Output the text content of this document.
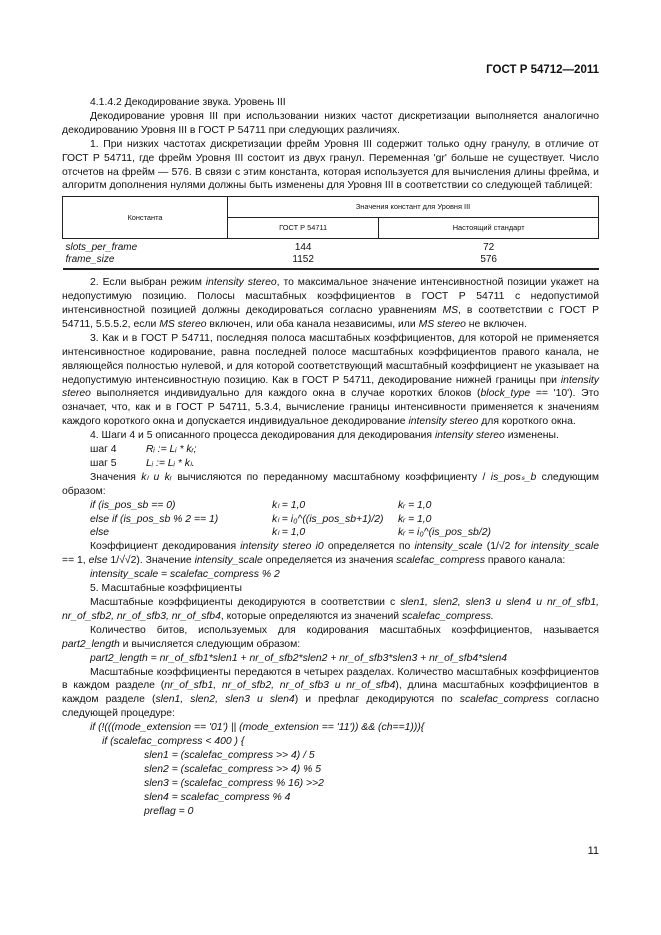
ГОСТ Р 54712—2011

4.1.4.2 Декодирование звука. Уровень III

Декодирование уровня III при использовании низких частот дискретизации выполняется аналогично декодированию Уровня III в ГОСТ Р 54711 при следующих различиях.

1. При низких частотах дискретизации фрейм Уровня III содержит только одну гранулу, в отличие от ГОСТ Р 54711, где фрейм Уровня III состоит из двух гранул. Переменная 'gr' больше не существует. Число отсчетов на фрейм — 576. В связи с этим константа, которая используется для вычисления длины фрейма, и алгоритм дополнения нулями должны быть изменены для Уровня III в соответствии со следующей таблицей:

Константа	Значения констант для Уровня III	
	ГОСТ Р 54711	Настоящий стандарт
slots_per_frame	144	72
frame_size	1152	576

2. Если выбран режим intensity stereo, то максимальное значение интенсивностной позиции укажет на недопустимую позицию. Полосы масштабных коэффициентов в ГОСТ Р 54711 с недопустимой интенсивностной позицией должны декодироваться согласно уравнениям MS, в соответствии с ГОСТ Р 54711, 5.5.5.2, если MS stereo включен, или оба канала независимы, или MS stereo не включен.

3. Как и в ГОСТ Р 54711, последняя полоса масштабных коэффициентов, для которой не применяется интенсивностное кодирование, равна последней полосе масштабных коэффициентов правого канала, не являющейся полностью нулевой, и для которой соответствующий масштабный коэффициент не указывает на недопустимую интенсивностную позицию. Как в ГОСТ Р 54711, декодирование нижней границы при intensity stereo выполняется индивидуально для каждого окна в случае коротких блоков (block_type == '10'). Это означает, что, как и в ГОСТ Р 54711, 5.3.4, вычисление границы интенсивности применяется к значениям каждого короткого окна и допускается индивидуальное декодирование intensity stereo для короткого окна.

4. Шаги 4 и 5 описанного процесса декодирования для декодирования intensity stereo изменены.

шаг 4	Rᵢ := Lᵢ * kᵣ;
шаг 5	Lᵢ := Lᵢ * kₗ.

Значения kₗ и kᵣ вычисляются по переданному масштабному коэффициенту / is_posₛ_b следующим образом:

if (is_pos_sb == 0)	kₗ = 1,0	kᵣ = 1,0
else if (is_pos_sb % 2 == 1)	kₗ = i₀^((is_pos_sb+1)/2)	kᵣ = 1,0
else	kₗ = 1,0	kᵣ = i₀^(is_pos_sb/2)

Коэффициент декодирования intensity stereo i0 определяется по intensity_scale (1/√2 for intensity_scale == 1, else 1/√√2). Значение intensity_scale определяется из значения scalefac_compress правого канала:

intensity_scale = scalefac_compress % 2

5. Масштабные коэффициенты

Масштабные коэффициенты декодируются в соответствии с slen1, slen2, slen3 и slen4 и nr_of_sfb1, nr_of_sfb2, nr_of_sfb3, nr_of_sfb4, которые определяются из значений scalefac_compress.

Количество битов, используемых для кодирования масштабных коэффициентов, называется part2_length и вычисляется следующим образом:

part2_length = nr_of_sfb1*slen1 + nr_of_sfb2*slen2 + nr_of_sfb3*slen3 + nr_of_sfb4*slen4

Масштабные коэффициенты передаются в четырех разделах. Количество масштабных коэффициентов в каждом разделе (nr_of_sfb1, nr_of_sfb2, nr_of_sfb3 и nr_of_sfb4), длина масштабных коэффициентов в каждом разделе (slen1, slen2, slen3 и slen4) и префлаг декодируются по scalefac_compress согласно следующей процедуре:

if (!(((mode_extension == '01') || (mode_extension == '11')) && (ch==1))){

if (scalefac_compress < 400 ) {

slen1 = (scalefac_compress >> 4) / 5

slen2 = (scalefac_compress >> 4) % 5

slen3 = (scalefac_compress % 16) >>2

slen4 = scalefac_compress % 4

preflag = 0

11
